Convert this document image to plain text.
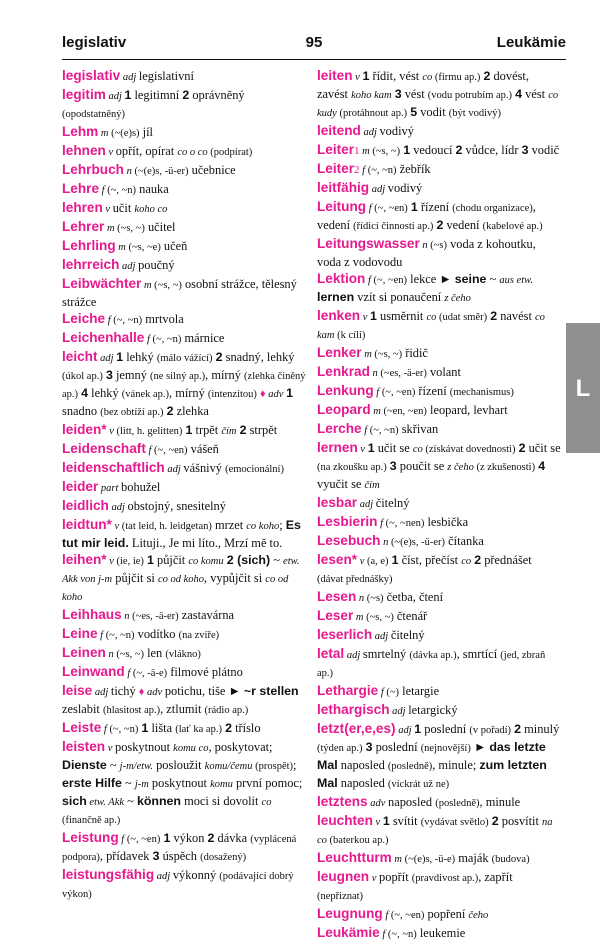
legislativ	95	Leukämie
legislativ adj legislativní
legitim adj 1 legitimní 2 oprávněný (opodstatněný)
Lehm m (~(e)s) jíl
lehnen v opřít, opírat co o co (podpírat)
Lehrbuch n (~(e)s, -ü-er) učebnice
Lehre f (~, ~n) nauka
lehren v učit koho co
Lehrer m (~s, ~) učitel
Lehrling m (~s, ~e) učeň
lehrreich adj poučný
Leibwächter m (~s, ~) osobní strážce, tělesný strážce
Leiche f (~, ~n) mrtvola
Leichenhalle f (~, ~n) márnice
leicht adj 1 lehký (málo vážící) 2 snadný, lehký (úkol ap.) 3 jemný (ne silný ap.), mírný (zlehka činěný ap.) 4 lehký (vánek ap.), mírný (intenzitou) ♦ adv 1 snadno (bez obtíží ap.) 2 zlehka
leiden* v (litt, h. gelitten) 1 trpět čím 2 strpět
Leidenschaft f (~, ~en) vášeň
leidenschaftlich adj vášnivý (emocionální)
leider part bohužel
leidlich adj obstojný, snesitelný
leidtun* v (tat leid, h. leidgetan) mrzet co koho; Es tut mir leid. Lituji., Je mi líto., Mrzí mě to.
leihen* v (ie, ie) 1 půjčit co komu 2 (sich) ~ etw. Akk von j-m půjčit si co od koho, vypůjčit si co od koho
Leihhaus n (~es, -ä-er) zastavárna
Leine f (~, ~n) vodítko (na zvíře)
Leinen n (~s, ~) len (vlákno)
Leinwand f (~, -ä-e) filmové plátno
leise adj tichý ♦ adv potichu, tiše ► ~r stellen zeslabit (hlasitost ap.), ztlumit (rádio ap.)
Leiste f (~, ~n) 1 lišta (lať ka ap.) 2 tříslo
leisten v poskytnout komu co, poskytovat; Dienste ~ j-m/etw. posloužit komu/čemu (prospět); erste Hilfe ~ j-m poskytnout komu první pomoc; sich etw. Akk ~ können moci si dovolit co (finančně ap.)
Leistung f (~, ~en) 1 výkon 2 dávka (vyplácená podpora), přídavek 3 úspěch (dosažený)
leistungsfähig adj výkonný (podávající dobrý výkon)
leiten v 1 řídit, vést co (firmu ap.) 2 dovést, zavést koho kam 3 vést (vodu potrubím ap.) 4 vést co kudy (protáhnout ap.) 5 vodit (být vodivý)
leitend adj vodivý
Leiter1 m (~s, ~) 1 vedoucí 2 vůdce, lídr 3 vodič
Leiter2 f (~, ~n) žebřík
leitfähig adj vodivý
Leitung f (~, ~en) 1 řízení (chodu organizace), vedení (řídicí činnosti ap.) 2 vedení (kabelové ap.)
Leitungswasser n (~s) voda z kohoutku, voda z vodovodu
Lektion f (~, ~en) lekce ► seine ~ aus etw. lernen vzít si ponaučení z čeho
lenken v 1 usměrnit co (udat směr) 2 navést co kam (k cíli)
Lenker m (~s, ~) řidič
Lenkrad n (~es, -ä-er) volant
Lenkung f (~, ~en) řízení (mechanismus)
Leopard m (~en, ~en) leopard, levhart
Lerche f (~, ~n) skřivan
lernen v 1 učit se co (získávat dovednosti) 2 učit se (na zkoušku ap.) 3 poučit se z čeho (z zkušenosti) 4 vyučit se čím
lesbar adj čitelný
Lesbierin f (~, ~nen) lesbička
Lesebuch n (~(e)s, -ü-er) čítanka
lesen* v (a, e) 1 číst, přečíst co 2 přednášet (dávat přednášky)
Lesen n (~s) četba, čtení
Leser m (~s, ~) čtenář
leserlich adj čitelný
letal adj smrtelný (dávka ap.), smrtící (jed, zbraň ap.)
Lethargie f (~) letargie
lethargisch adj letargický
letzt(er,e,es) adj 1 poslední (v pořadí) 2 minulý (týden ap.) 3 poslední (nejnovější) ► das letzte Mal naposled (posledně), minule; zum letzten Mal naposled (víckrát už ne)
letztens adv naposled (posledně), minule
leuchten v 1 svítit (vydávat světlo) 2 posvítit na co (baterkou ap.)
Leuchtturm m (~(e)s, -ü-e) maják (budova)
leugnen v popřít (pravdivost ap.), zapřít (nepřiznat)
Leugnung f (~, ~en) popření čeho
Leukämie f (~, ~n) leukemie
L
